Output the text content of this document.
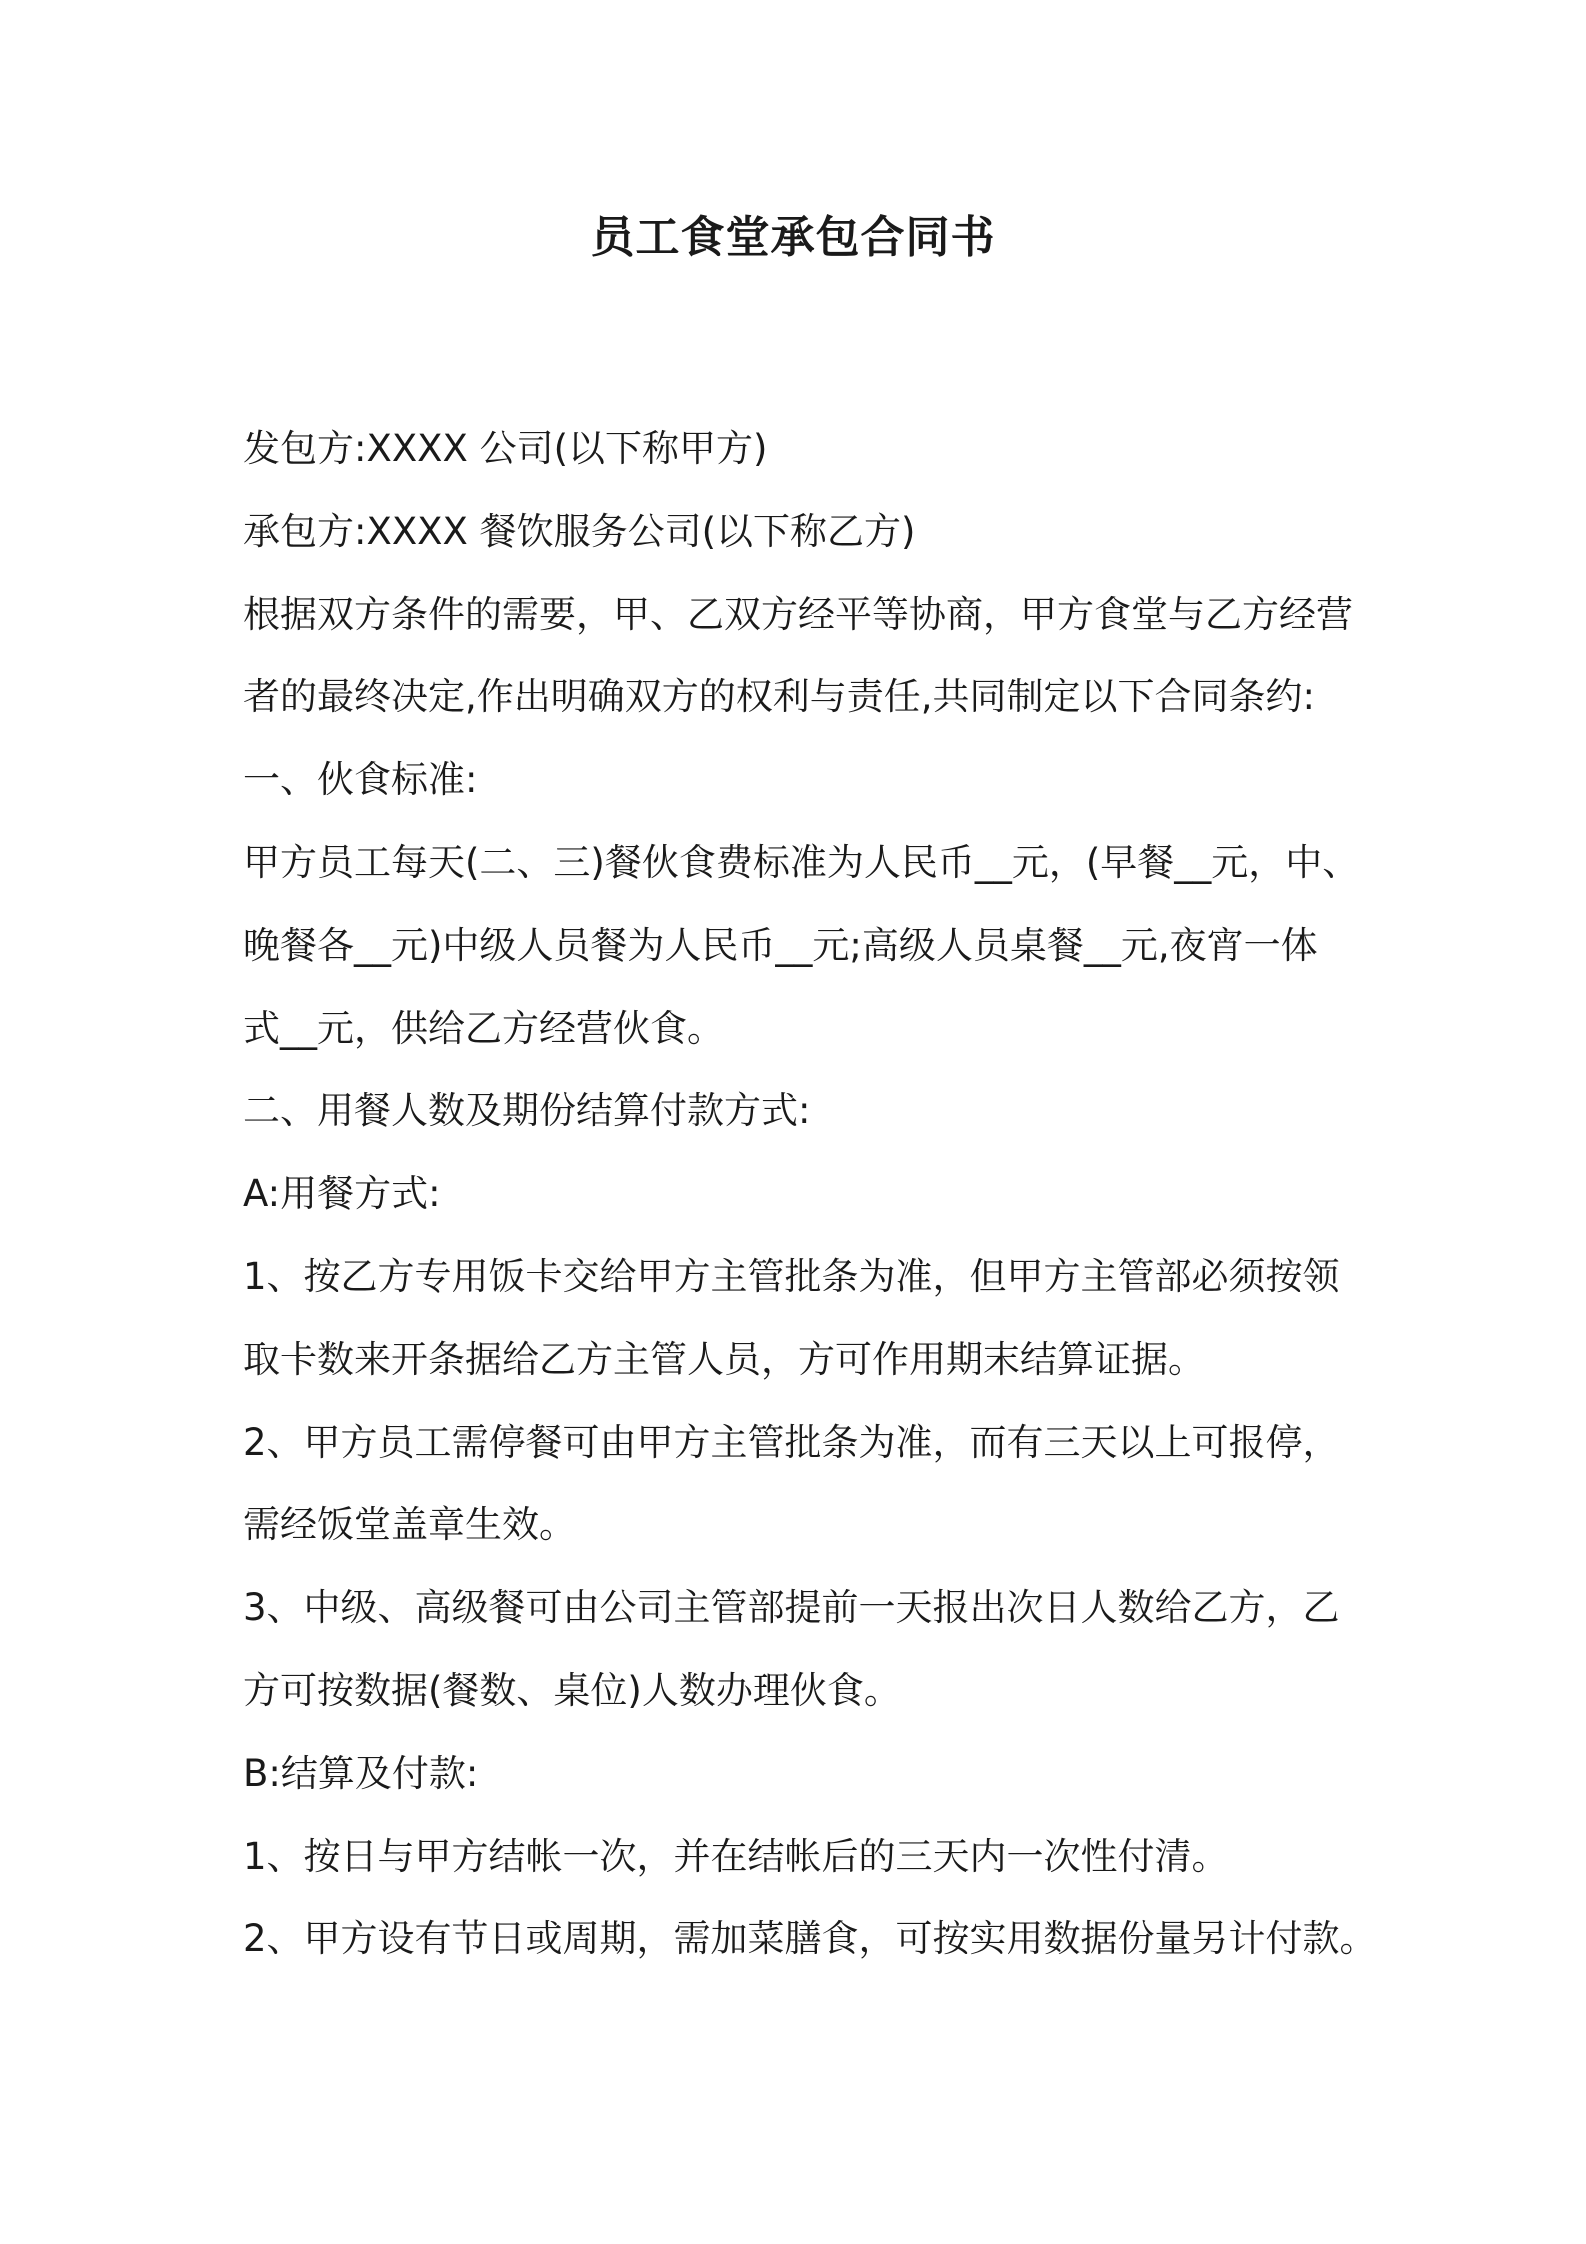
员工食堂承包合同书

发包方:XXXX 公司(以下称甲方)

承包方:XXXX 餐饮服务公司(以下称乙方)

根据双方条件的需要，甲、乙双方经平等协商，甲方食堂与乙方经营

者的最终决定,作出明确双方的权利与责任,共同制定以下合同条约:

一、伙食标准:

甲方员工每天(二、三)餐伙食费标准为人民币__元，(早餐__元，中、

晚餐各__元)中级人员餐为人民币__元;高级人员桌餐__元,夜宵一体

式__元，供给乙方经营伙食。

二、用餐人数及期份结算付款方式:

A:用餐方式:

1、按乙方专用饭卡交给甲方主管批条为准，但甲方主管部必须按领

取卡数来开条据给乙方主管人员，方可作用期末结算证据。

2、甲方员工需停餐可由甲方主管批条为准，而有三天以上可报停，

需经饭堂盖章生效。

3、中级、高级餐可由公司主管部提前一天报出次日人数给乙方，乙

方可按数据(餐数、桌位)人数办理伙食。

B:结算及付款:

1、按日与甲方结帐一次，并在结帐后的三天内一次性付清。

2、甲方设有节日或周期，需加菜膳食，可按实用数据份量另计付款。
